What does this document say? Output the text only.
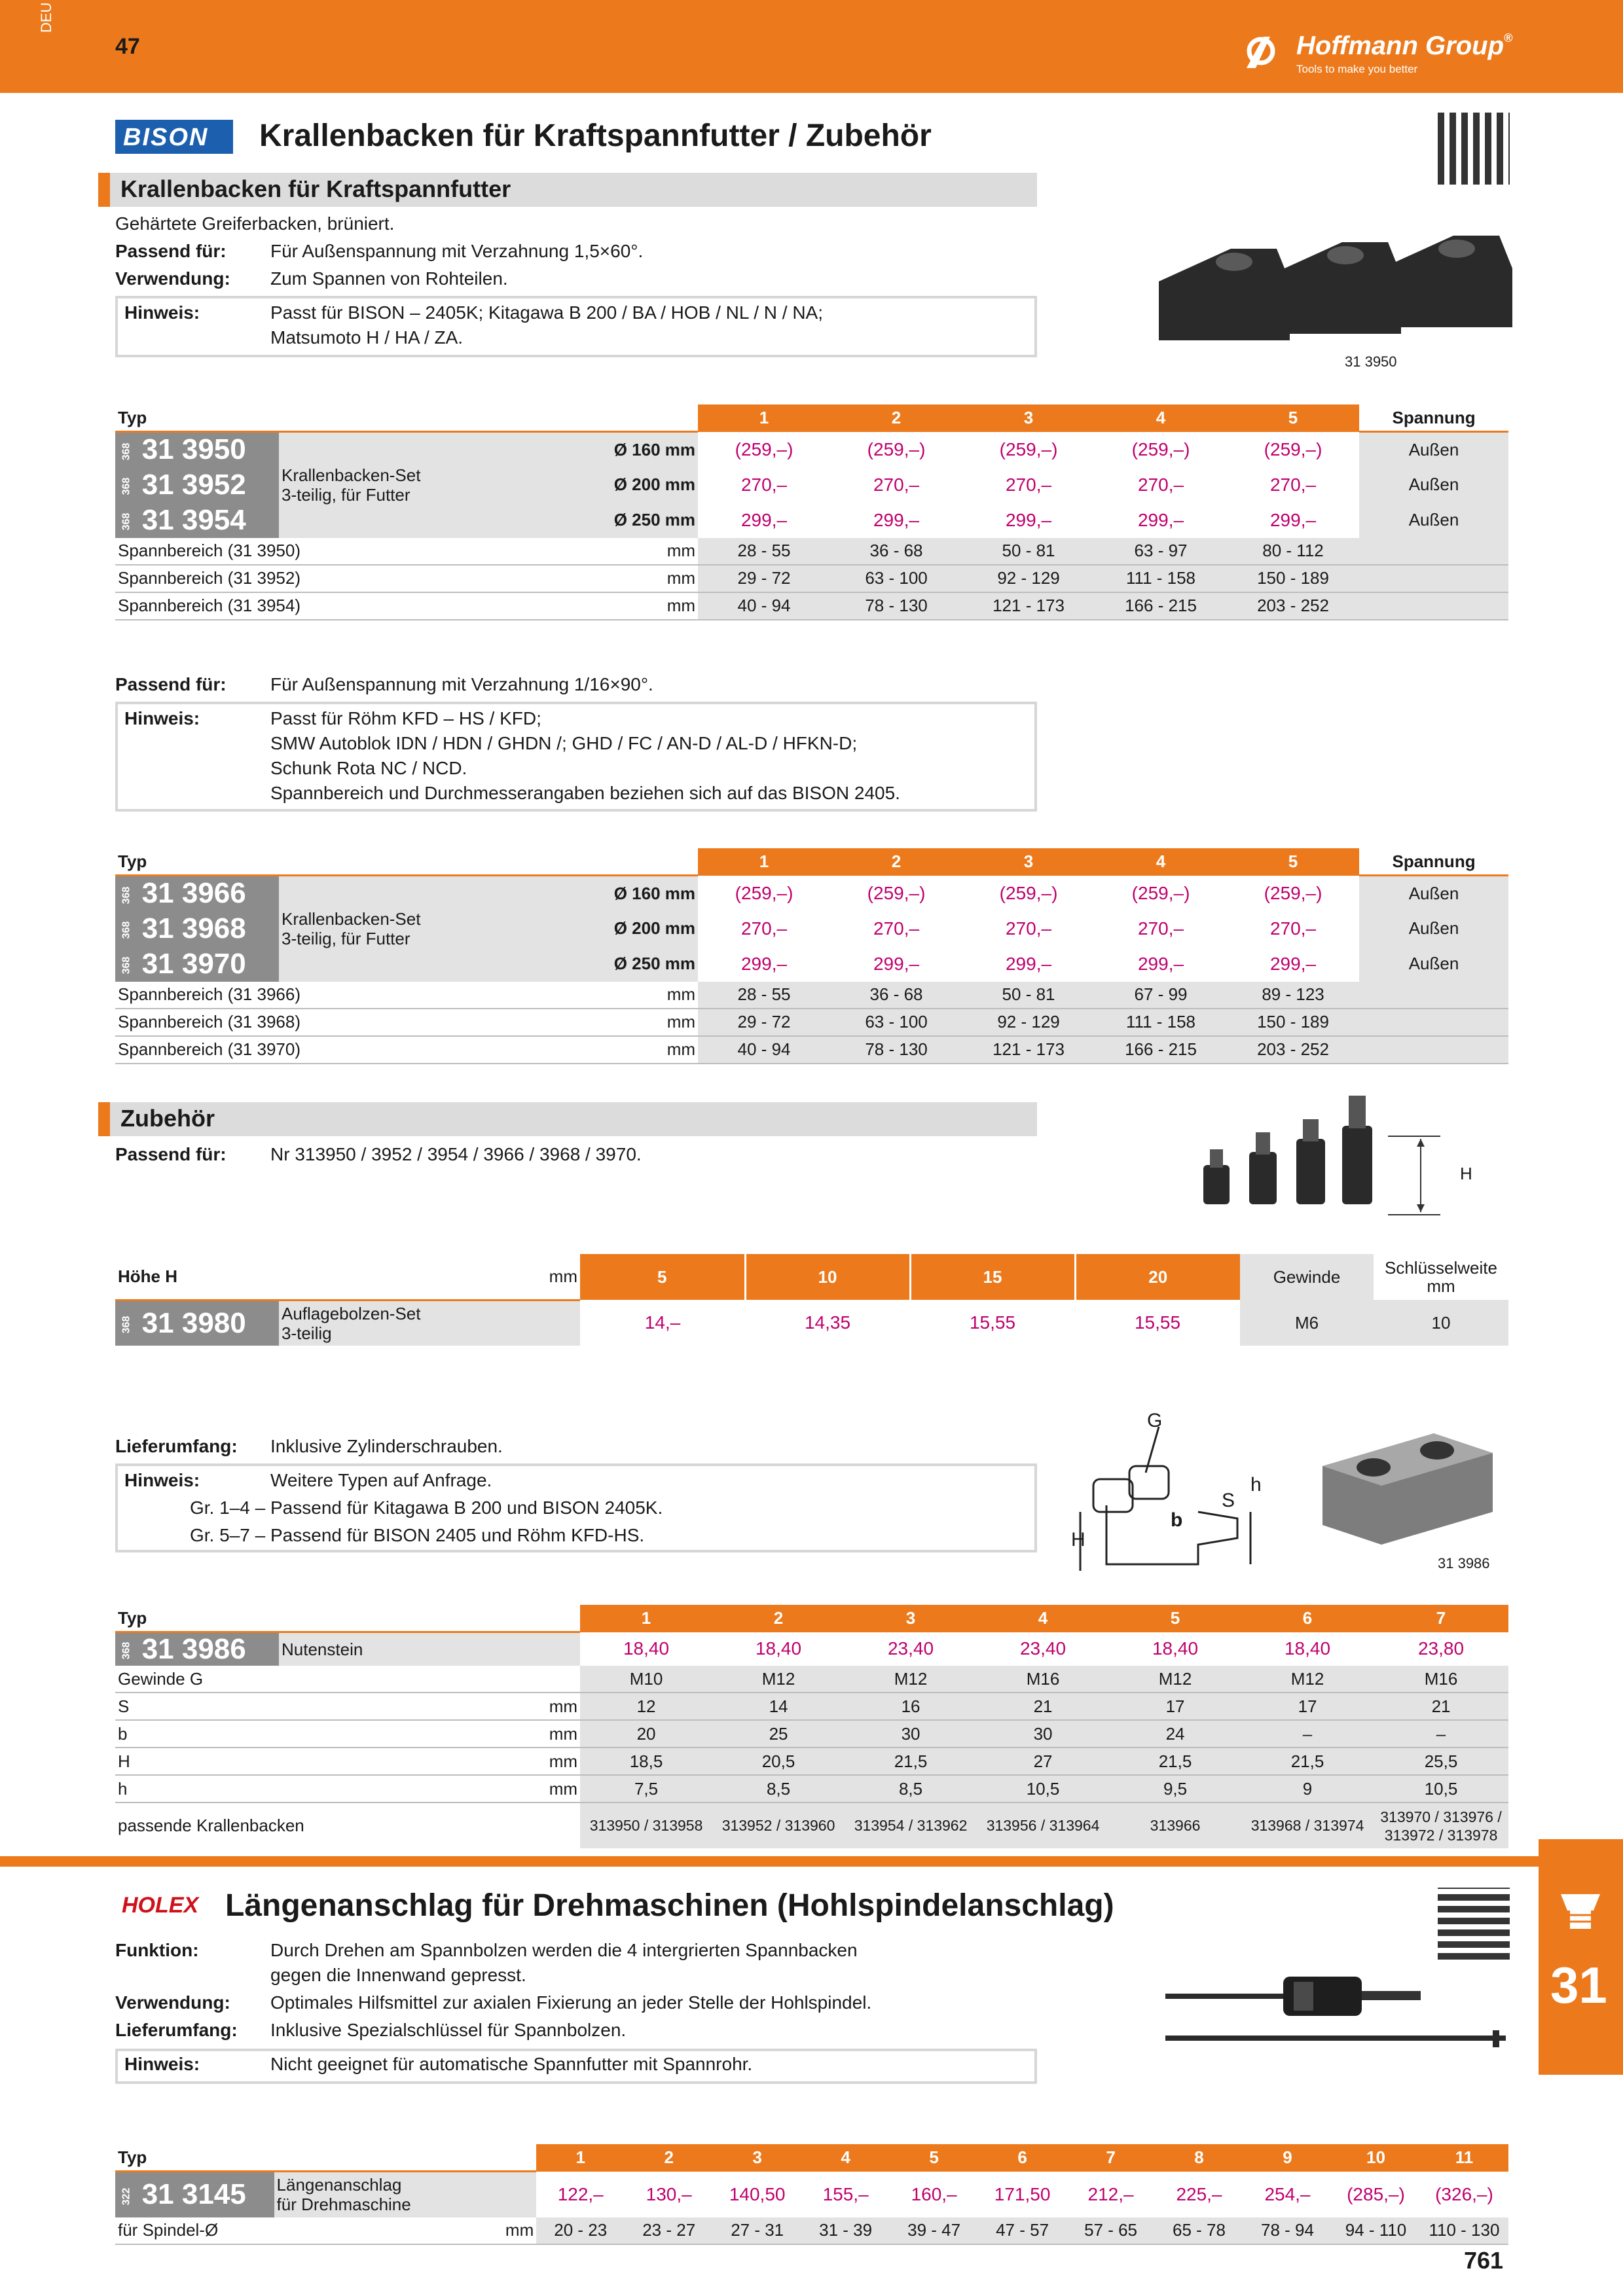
DEU
47	Hoffmann Group®
Tools to make you better
BISON Krallenbacken für Kraftspannfutter / Zubehör
Krallenbacken für Kraftspannfutter
Gehärtete Greiferbacken, brüniert.
Passend für: Für Außenspannung mit Verzahnung 1,5×60°.
Verwendung: Zum Spannen von Rohteilen.
Hinweis:	Passt für BISON – 2405K; Kitagawa B 200 / BA / HOB / NL / N / NA;
Matsumoto H / HA / ZA.
31 3950
Typ			1	2	3	4	5	Spannung
368 31 3950	Krallenbacken-Set
3-teilig, für Futter	Ø 160 mm	(259,–)	(259,–)	(259,–)	(259,–)	(259,–)	Außen
368 31 3952		Ø 200 mm	270,–	270,–	270,–	270,–	270,–	Außen
368 31 3954		Ø 250 mm	299,–	299,–	299,–	299,–	299,–	Außen
Spannbereich (31 3950)		mm	28 - 55	36 - 68	50 - 81	63 - 97	80 - 112	
Spannbereich (31 3952)		mm	29 - 72	63 - 100	92 - 129	111 - 158	150 - 189	
Spannbereich (31 3954)		mm	40 - 94	78 - 130	121 - 173	166 - 215	203 - 252	
Passend für: Für Außenspannung mit Verzahnung 1/16×90°.
Hinweis:	Passt für Röhm KFD – HS / KFD;
SMW Autoblok IDN / HDN / GHDN /; GHD / FC / AN-D / AL-D / HFKN-D;
Schunk Rota NC / NCD.
Spannbereich und Durchmesserangaben beziehen sich auf das BISON 2405.
Typ			1	2	3	4	5	Spannung
368 31 3966	Krallenbacken-Set
3-teilig, für Futter	Ø 160 mm	(259,–)	(259,–)	(259,–)	(259,–)	(259,–)	Außen
368 31 3968		Ø 200 mm	270,–	270,–	270,–	270,–	270,–	Außen
368 31 3970		Ø 250 mm	299,–	299,–	299,–	299,–	299,–	Außen
Spannbereich (31 3966)		mm	28 - 55	36 - 68	50 - 81	67 - 99	89 - 123	
Spannbereich (31 3968)		mm	29 - 72	63 - 100	92 - 129	111 - 158	150 - 189	
Spannbereich (31 3970)		mm	40 - 94	78 - 130	121 - 173	166 - 215	203 - 252	
Zubehör
Passend für: Nr 313950 / 3952 / 3954 / 3966 / 3968 / 3970.
H
Höhe H		mm	5	10	15	20	Gewinde	Schlüsselweite
mm
368 31 3980	Auflagebolzen-Set
3-teilig		14,–	14,35	15,55	15,55	M6	10
Lieferumfang: Inklusive Zylinderschrauben.
Hinweis:	Weitere Typen auf Anfrage.
Gr. 1–4 – Passend für Kitagawa B 200 und BISON 2405K.
Gr. 5–7 – Passend für BISON 2405 und Röhm KFD-HS.
G
S
h
b
H
31 3986
Typ			1	2	3	4	5	6	7
368 31 3986	Nutenstein		18,40	18,40	23,40	23,40	18,40	18,40	23,80
Gewinde G			M10	M12	M12	M16	M12	M12	M16
S		mm	12	14	16	21	17	17	21
b		mm	20	25	30	30	24	–	–
H		mm	18,5	20,5	21,5	27	21,5	21,5	25,5
h		mm	7,5	8,5	8,5	10,5	9,5	9	10,5
passende Krallenbacken			313950 / 313958	313952 / 313960	313954 / 313962	313956 / 313964	313966	313968 / 313974	313970 / 313976 /
313972 / 313978
31
HOLEX Längenanschlag für Drehmaschinen (Hohlspindelanschlag)
Funktion:	Durch Drehen am Spannbolzen werden die 4 intergrierten Spannbacken
gegen die Innenwand gepresst.
Verwendung: Optimales Hilfsmittel zur axialen Fixierung an jeder Stelle der Hohlspindel.
Lieferumfang: Inklusive Spezialschlüssel für Spannbolzen.
Hinweis:	Nicht geeignet für automatische Spannfutter mit Spannrohr.
Typ		1	2	3	4	5	6	7	8	9	10	11
322 31 3145	Längenanschlag
für Drehmaschine	122,–	130,–	140,50	155,–	160,–	171,50	212,–	225,–	254,–	(285,–)	(326,–)
für Spindel-Ø	mm	20 - 23	23 - 27	27 - 31	31 - 39	39 - 47	47 - 57	57 - 65	65 - 78	78 - 94	94 - 110	110 - 130
761
